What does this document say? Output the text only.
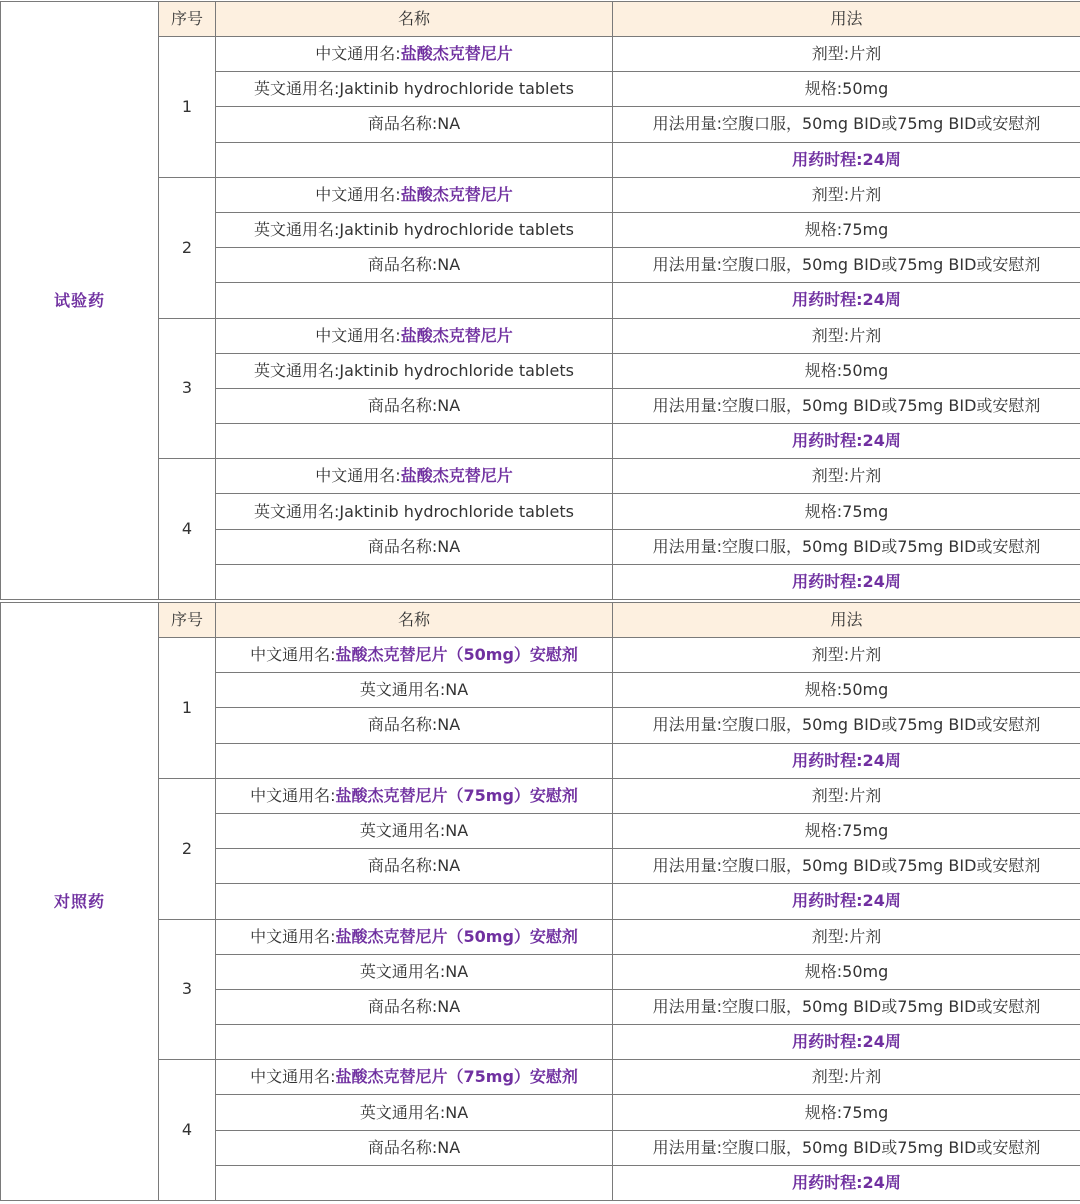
试验药	序号	名称	用法
	1	中文通用名:盐酸杰克替尼片	剂型:片剂
		英文通用名:Jaktinib hydrochloride tablets	规格:50mg
		商品名称:NA	用法用量:空腹口服，50mg BID或75mg BID或安慰剂
			用药时程:24周
	2	中文通用名:盐酸杰克替尼片	剂型:片剂
		英文通用名:Jaktinib hydrochloride tablets	规格:75mg
		商品名称:NA	用法用量:空腹口服，50mg BID或75mg BID或安慰剂
			用药时程:24周
	3	中文通用名:盐酸杰克替尼片	剂型:片剂
		英文通用名:Jaktinib hydrochloride tablets	规格:50mg
		商品名称:NA	用法用量:空腹口服，50mg BID或75mg BID或安慰剂
			用药时程:24周
	4	中文通用名:盐酸杰克替尼片	剂型:片剂
		英文通用名:Jaktinib hydrochloride tablets	规格:75mg
		商品名称:NA	用法用量:空腹口服，50mg BID或75mg BID或安慰剂
			用药时程:24周
对照药	序号	名称	用法
	1	中文通用名:盐酸杰克替尼片（50mg）安慰剂	剂型:片剂
		英文通用名:NA	规格:50mg
		商品名称:NA	用法用量:空腹口服，50mg BID或75mg BID或安慰剂
			用药时程:24周
	2	中文通用名:盐酸杰克替尼片（75mg）安慰剂	剂型:片剂
		英文通用名:NA	规格:75mg
		商品名称:NA	用法用量:空腹口服，50mg BID或75mg BID或安慰剂
			用药时程:24周
	3	中文通用名:盐酸杰克替尼片（50mg）安慰剂	剂型:片剂
		英文通用名:NA	规格:50mg
		商品名称:NA	用法用量:空腹口服，50mg BID或75mg BID或安慰剂
			用药时程:24周
	4	中文通用名:盐酸杰克替尼片（75mg）安慰剂	剂型:片剂
		英文通用名:NA	规格:75mg
		商品名称:NA	用法用量:空腹口服，50mg BID或75mg BID或安慰剂
			用药时程:24周
